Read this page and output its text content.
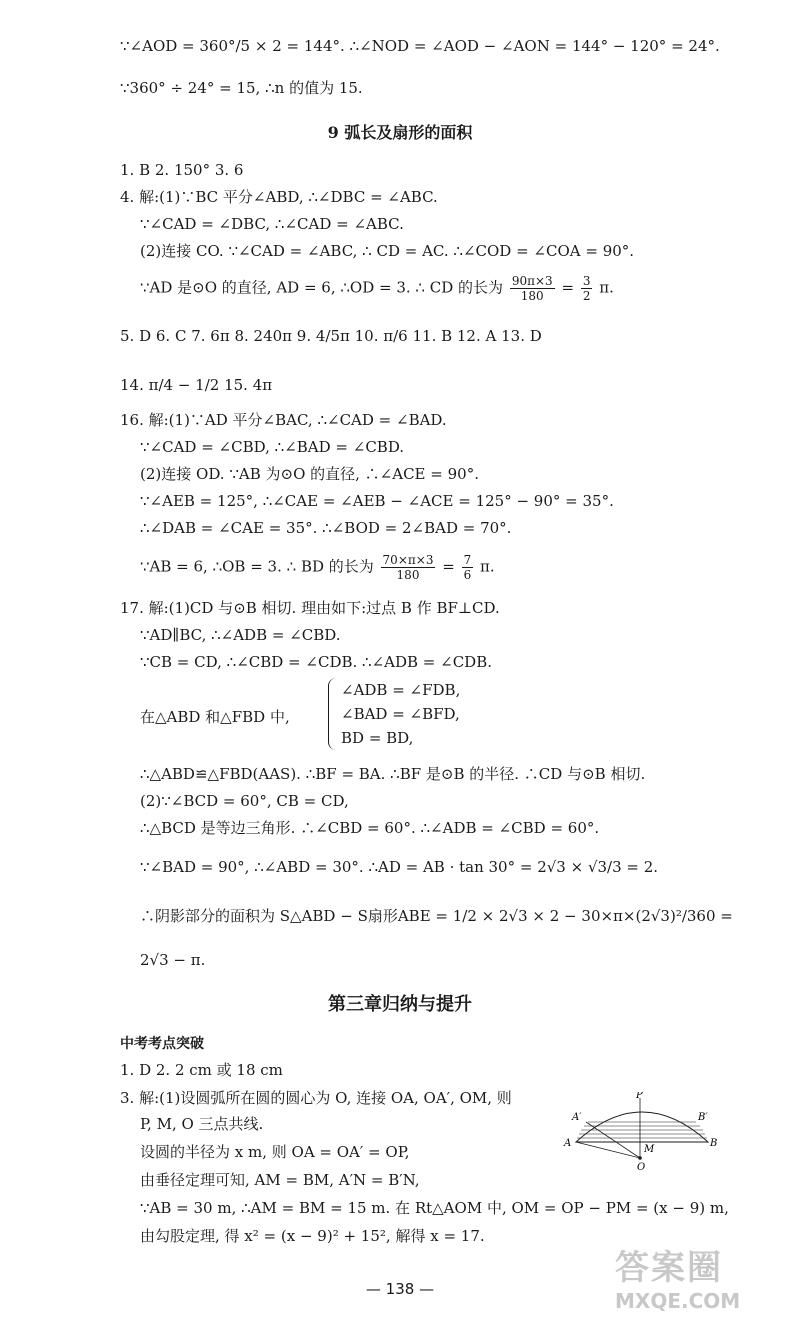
∵∠AOD = 360°/5 × 2 = 144°. ∴∠NOD = ∠AOD − ∠AON = 144° − 120° = 24°.
∵360° ÷ 24° = 15, ∴n 的值为 15.
9 弧长及扇形的面积
1. B 2. 150° 3. 6
4. 解:(1)∵BC 平分∠ABD, ∴∠DBC = ∠ABC.
∵∠CAD = ∠DBC, ∴∠CAD = ∠ABC.
(2)连接 CO. ∵∠CAD = ∠ABC, ∴ CD = AC. ∴∠COD = ∠COA = 90°.
∵AD 是⊙O 的直径, AD = 6, ∴OD = 3. ∴ CD 的长为 $\frac{90\pi\times 3}{180} = \frac{3}{2} \pi$.
5. D 6. C 7. 6π 8. 240π 9. 4/5π 10. π/6 11. B 12. A 13. D
14. π/4 − 1/2 15. 4π
16. 解:(1)∵AD 平分∠BAC, ∴∠CAD = ∠BAD.
∵∠CAD = ∠CBD, ∴∠BAD = ∠CBD.
(2)连接 OD. ∵AB 为⊙O 的直径, ∴∠ACE = 90°.
∵∠AEB = 125°, ∴∠CAE = ∠AEB − ∠ACE = 125° − 90° = 35°.
∴∠DAB = ∠CAE = 35°. ∴∠BOD = 2∠BAD = 70°.
∵AB = 6, ∴OB = 3. ∴ BD 的长为 $\frac{70\times\pi\times 3}{180} = \frac{7}{6} \pi$.
17. 解:(1)CD 与⊙B 相切. 理由如下:过点 B 作 BF⊥CD.
∵AD∥BC, ∴∠ADB = ∠CBD.
∵CB = CD, ∴∠CBD = ∠CDB. ∴∠ADB = ∠CDB.
在△ABD 和△FBD 中,
∠ADB = ∠FDB,
∠BAD = ∠BFD,
BD = BD,
∴△ABD≌△FBD(AAS). ∴BF = BA. ∴BF 是⊙B 的半径. ∴CD 与⊙B 相切.
(2)∵∠BCD = 60°, CB = CD,
∴△BCD 是等边三角形. ∴∠CBD = 60°. ∴∠ADB = ∠CBD = 60°.
∵∠BAD = 90°, ∴∠ABD = 30°. ∴AD = AB · tan 30° = 2√3 × √3/3 = 2.
∴阴影部分的面积为 S△ABD − S扇形ABE = 1/2 × 2√3 × 2 − 30×π×(2√3)²/360 =
2√3 − π.
第三章归纳与提升
中考考点突破
1. D 2. 2 cm 或 18 cm
3. 解:(1)设圆弧所在圆的圆心为 O, 连接 OA, OA′, OM, 则
P, M, O 三点共线.
设圆的半径为 x m, 则 OA = OA′ = OP,
由垂径定理可知, AM = BM, A′N = B′N,
∵AB = 30 m, ∴AM = BM = 15 m. 在 Rt△AOM 中, OM = OP − PM = (x − 9) m,
由勾股定理, 得 x² = (x − 9)² + 15², 解得 x = 17.
P
A′	B′
A	B
M
O
— 138 —
答案圈
MXQE.COM
